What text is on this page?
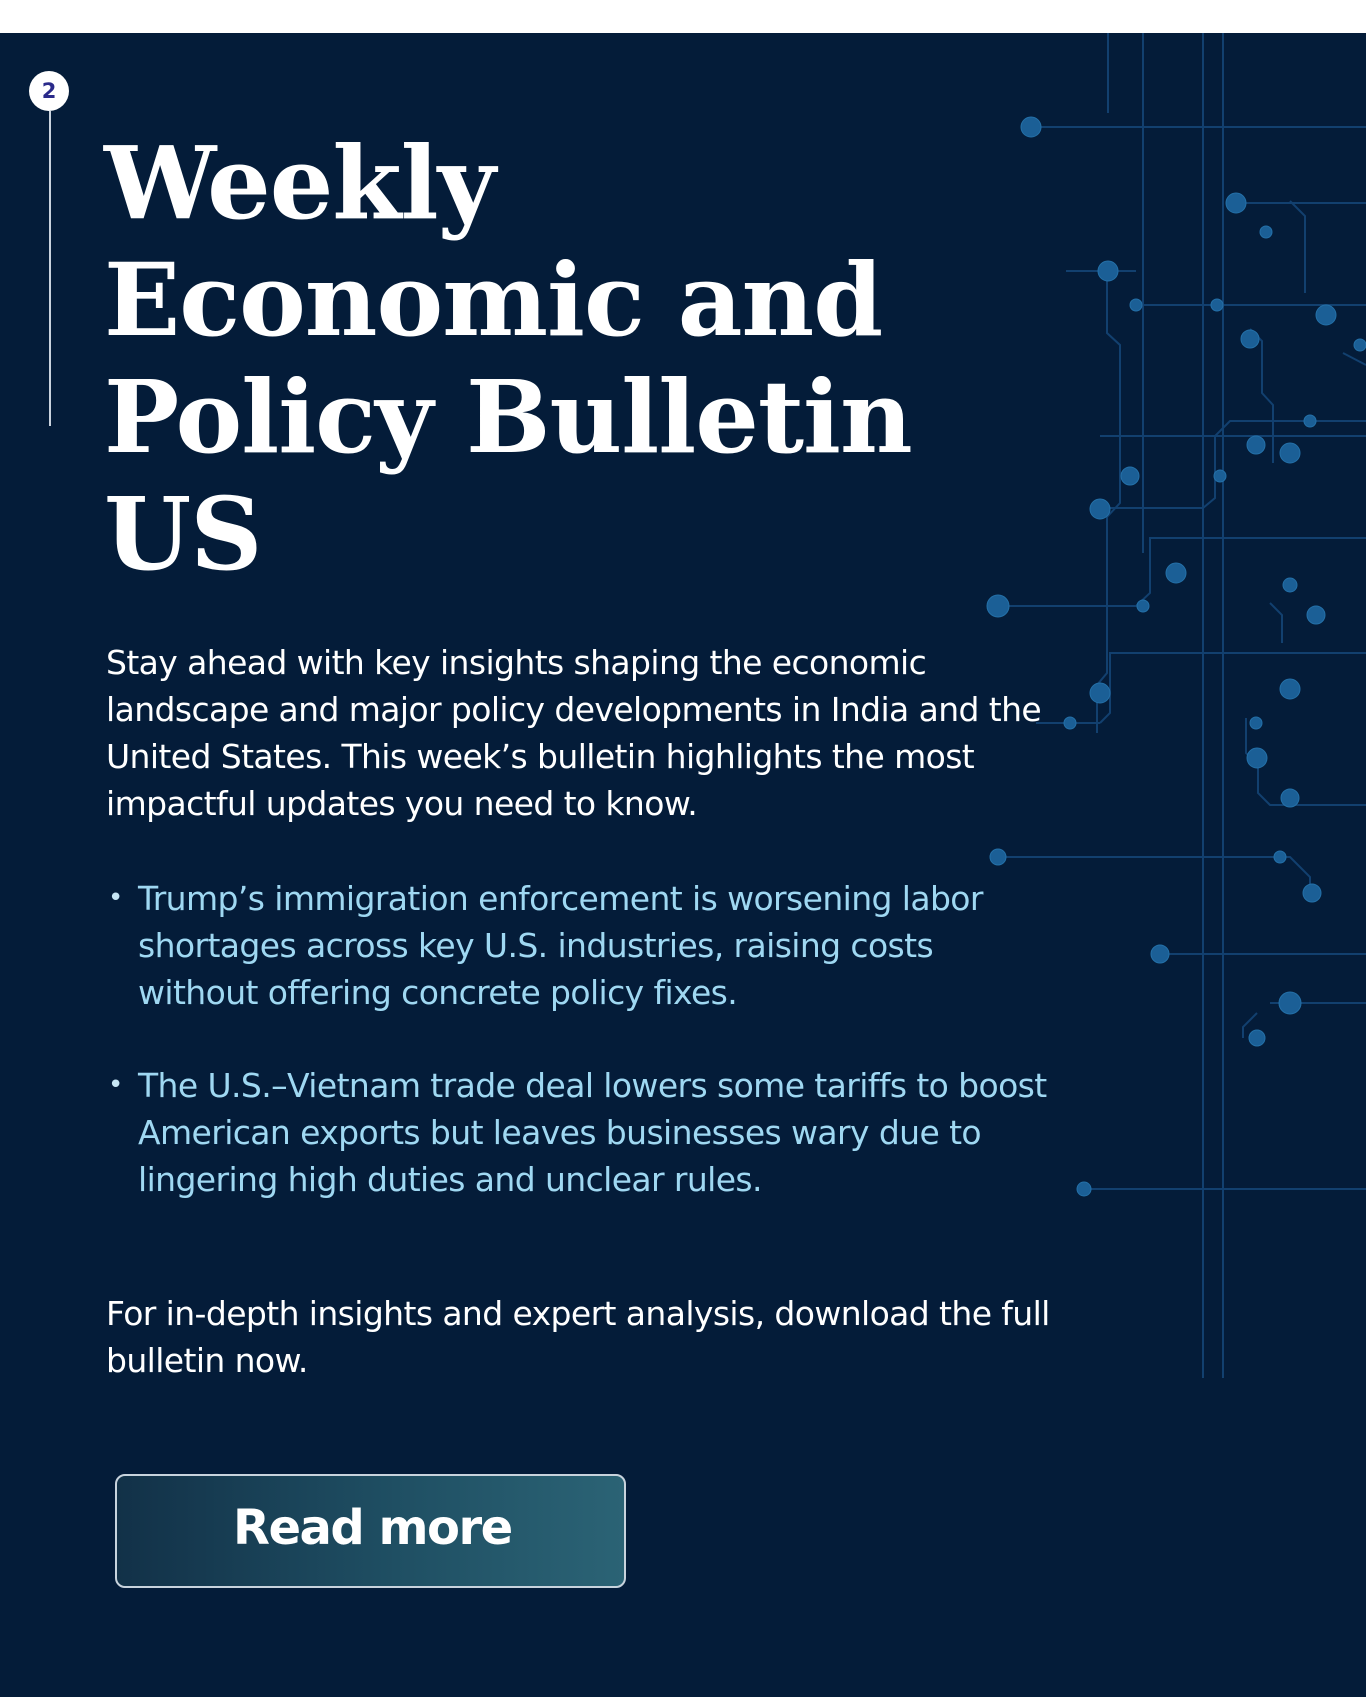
2
Weekly
Economic and
Policy Bulletin
US

Stay ahead with key insights shaping the economic landscape and major policy developments in India and the United States. This week’s bulletin highlights the most impactful updates you need to know.

• Trump’s immigration enforcement is worsening labor shortages across key U.S. industries, raising costs without offering concrete policy fixes.
• The U.S.–Vietnam trade deal lowers some tariffs to boost American exports but leaves businesses wary due to lingering high duties and unclear rules.

For in-depth insights and expert analysis, download the full bulletin now.

Read more
